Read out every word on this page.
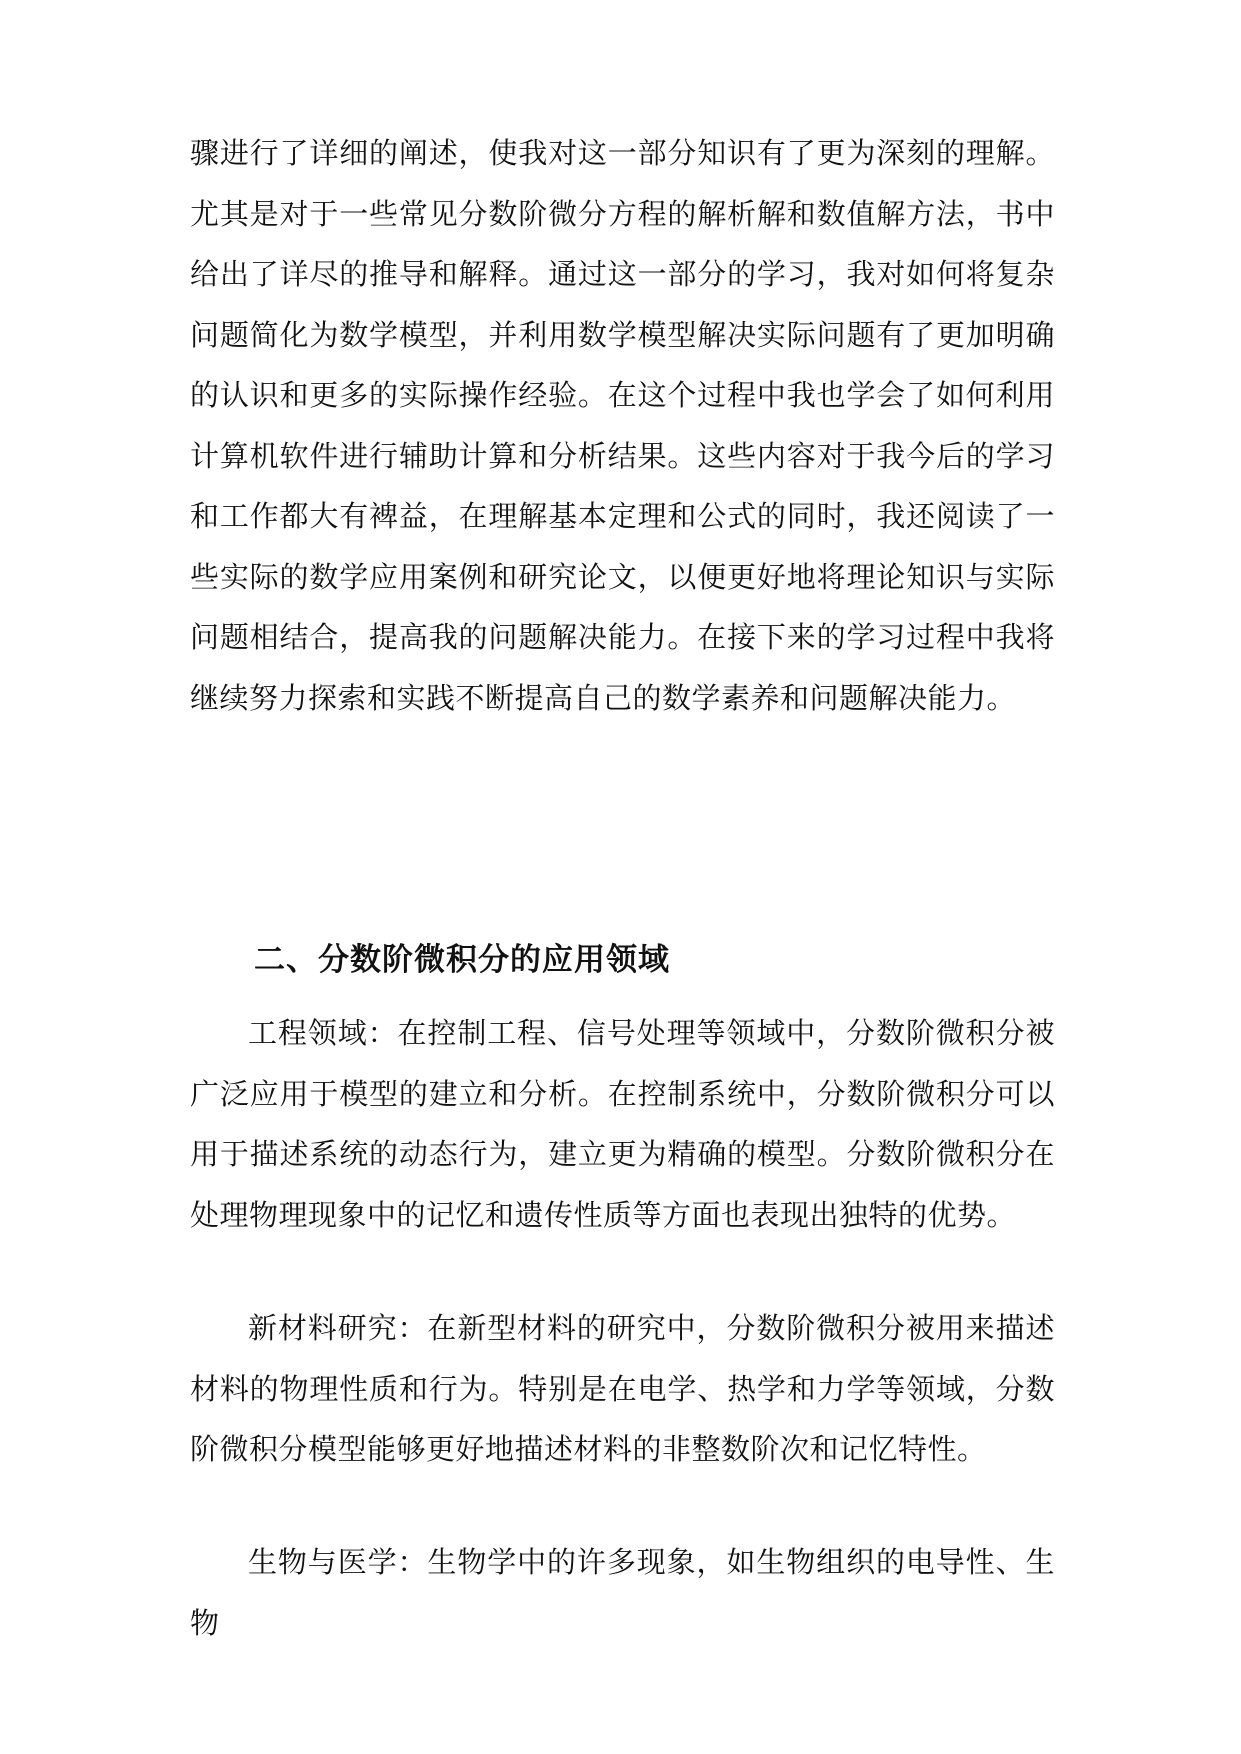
骤进行了详细的阐述，使我对这一部分知识有了更为深刻的理解。尤其是对于一些常见分数阶微分方程的解析解和数值解方法，书中给出了详尽的推导和解释。通过这一部分的学习，我对如何将复杂问题简化为数学模型，并利用数学模型解决实际问题有了更加明确的认识和更多的实际操作经验。在这个过程中我也学会了如何利用计算机软件进行辅助计算和分析结果。这些内容对于我今后的学习和工作都大有裨益，在理解基本定理和公式的同时，我还阅读了一些实际的数学应用案例和研究论文，以便更好地将理论知识与实际问题相结合，提高我的问题解决能力。在接下来的学习过程中我将继续努力探索和实践不断提高自己的数学素养和问题解决能力。

二、分数阶微积分的应用领域

工程领域：在控制工程、信号处理等领域中，分数阶微积分被广泛应用于模型的建立和分析。在控制系统中，分数阶微积分可以用于描述系统的动态行为，建立更为精确的模型。分数阶微积分在处理物理现象中的记忆和遗传性质等方面也表现出独特的优势。

新材料研究：在新型材料的研究中，分数阶微积分被用来描述材料的物理性质和行为。特别是在电学、热学和力学等领域，分数阶微积分模型能够更好地描述材料的非整数阶次和记忆特性。

生物与医学：生物学中的许多现象，如生物组织的电导性、生物
